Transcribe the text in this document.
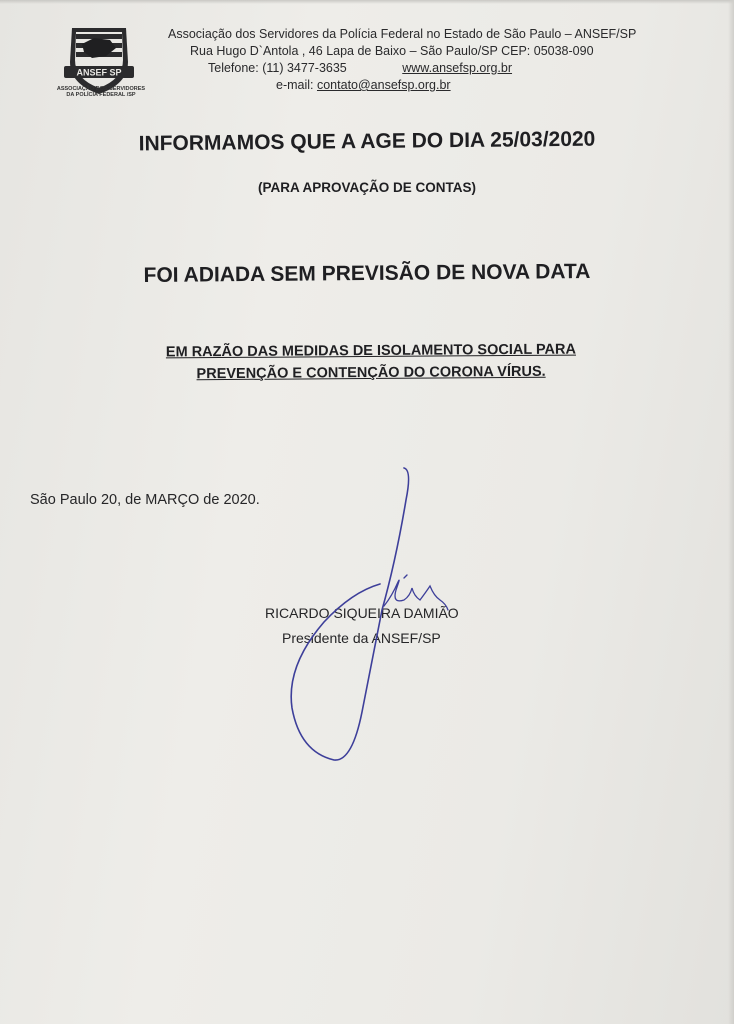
ANSEF SP
ASSOCIAÇÃO DOS SERVIDORES DA POLÍCIA FEDERAL /SP
Associação dos Servidores da Polícia Federal no Estado de São Paulo – ANSEF/SP
Rua Hugo D`Antola , 46 Lapa de Baixo – São Paulo/SP CEP: 05038-090
Telefone: (11) 3477-3635	www.ansefsp.org.br
e-mail: contato@ansefsp.org.br
INFORMAMOS QUE A AGE DO DIA 25/03/2020
(PARA APROVAÇÃO DE CONTAS)
FOI ADIADA SEM PREVISÃO DE NOVA DATA
EM RAZÃO DAS MEDIDAS DE ISOLAMENTO SOCIAL PARA
PREVENÇÃO E CONTENÇÃO DO CORONA VÍRUS.
São Paulo 20, de MARÇO de 2020.
RICARDO SIQUEIRA DAMIÃO
Presidente da ANSEF/SP
